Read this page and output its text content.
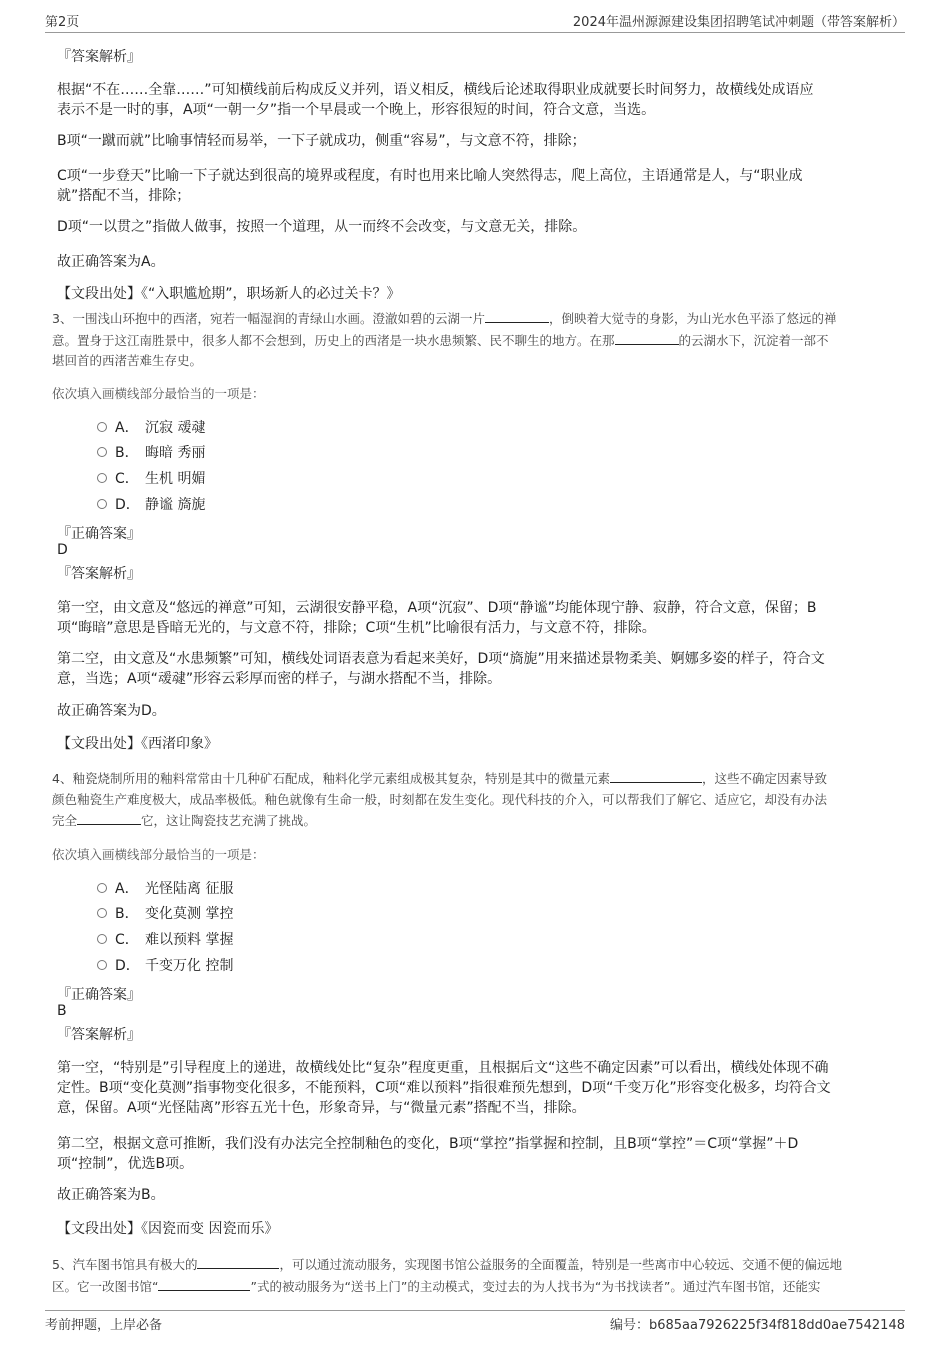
第2页	2024年温州源源建设集团招聘笔试冲刺题（带答案解析）
『答案解析』
根据“不在……全靠……”可知横线前后构成反义并列，语义相反，横线后论述取得职业成就要长时间努力，故横线处成语应
表示不是一时的事，A项“一朝一夕”指一个早晨或一个晚上，形容很短的时间，符合文意，当选。
B项“一蹴而就”比喻事情轻而易举，一下子就成功，侧重“容易”，与文意不符，排除；
C项“一步登天”比喻一下子就达到很高的境界或程度，有时也用来比喻人突然得志，爬上高位，主语通常是人，与“职业成
就”搭配不当，排除；
D项“一以贯之”指做人做事，按照一个道理，从一而终不会改变，与文意无关，排除。
故正确答案为A。
【文段出处】《“入职尴尬期”，职场新人的必过关卡？》
3、一围浅山环抱中的西渚，宛若一幅湿润的青绿山水画。澄澈如碧的云湖一片	，倒映着大觉寺的身影，为山光水色平添了悠远的禅
意。置身于这江南胜景中，很多人都不会想到，历史上的西渚是一块水患频繁、民不聊生的地方。在那	的云湖水下，沉淀着一部不
堪回首的西渚苦难生存史。
依次填入画横线部分最恰当的一项是：
A． 沉寂 叆叇
B． 晦暗 秀丽
C． 生机 明媚
D． 静谧 旖旎
『正确答案』
D
『答案解析』
第一空，由文意及“悠远的禅意”可知，云湖很安静平稳，A项“沉寂”、D项“静谧”均能体现宁静、寂静，符合文意，保留；B
项“晦暗”意思是昏暗无光的，与文意不符，排除；C项“生机”比喻很有活力，与文意不符，排除。
第二空，由文意及“水患频繁”可知，横线处词语表意为看起来美好，D项“旖旎”用来描述景物柔美、婀娜多姿的样子，符合文
意，当选；A项“叆叇”形容云彩厚而密的样子，与湖水搭配不当，排除。
故正确答案为D。
【文段出处】《西渚印象》
4、釉瓷烧制所用的釉料常常由十几种矿石配成，釉料化学元素组成极其复杂，特别是其中的微量元素	，这些不确定因素导致
颜色釉瓷生产难度极大，成品率极低。釉色就像有生命一般，时刻都在发生变化。现代科技的介入，可以帮我们了解它、适应它，却没有办法
完全	它，这让陶瓷技艺充满了挑战。
依次填入画横线部分最恰当的一项是：
A． 光怪陆离 征服
B． 变化莫测 掌控
C． 难以预料 掌握
D． 千变万化 控制
『正确答案』
B
『答案解析』
第一空，“特别是”引导程度上的递进，故横线处比“复杂”程度更重，且根据后文“这些不确定因素”可以看出，横线处体现不确
定性。B项“变化莫测”指事物变化很多，不能预料，C项“难以预料”指很难预先想到，D项“千变万化”形容变化极多，均符合文
意，保留。A项“光怪陆离”形容五光十色，形象奇异，与“微量元素”搭配不当，排除。
第二空，根据文意可推断，我们没有办法完全控制釉色的变化，B项“掌控”指掌握和控制，且B项“掌控”＝C项“掌握”＋D
项“控制”，优选B项。
故正确答案为B。
【文段出处】《因瓷而变 因瓷而乐》
5、汽车图书馆具有极大的	，可以通过流动服务，实现图书馆公益服务的全面覆盖，特别是一些离市中心较远、交通不便的偏远地
区。它一改图书馆“	”式的被动服务为“送书上门”的主动模式，变过去的为人找书为“为书找读者”。通过汽车图书馆，还能实
考前押题，上岸必备	编号：b685aa7926225f34f818dd0ae7542148
